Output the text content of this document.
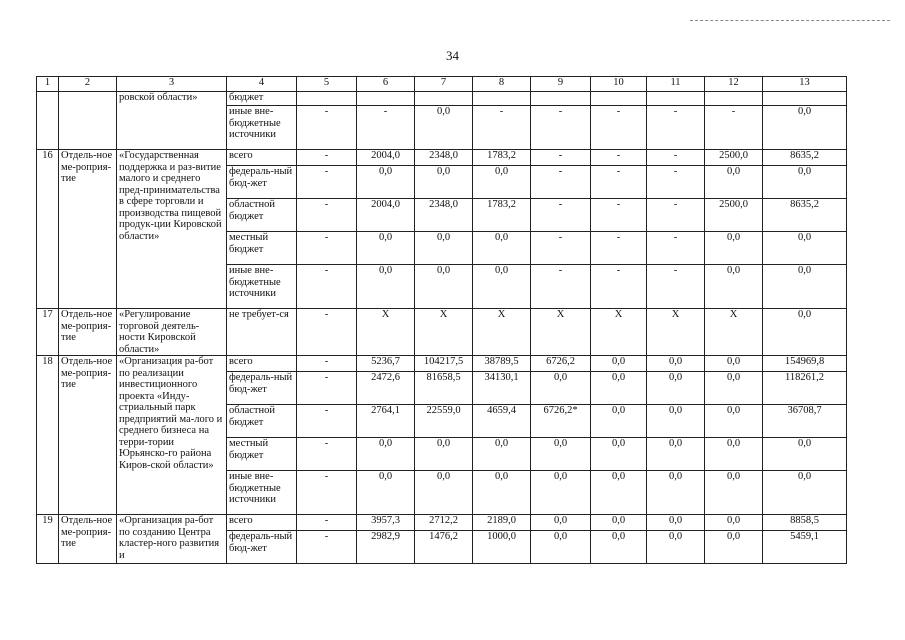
34
1	2	3	4	5	6	7	8	9	10	11	12	13
		ровской области»	бюджет									
			иные вне-бюджетные источники	-	-	0,0	-	-	-	-	-	0,0
16	Отдель-ное ме-роприя-тие	«Государственная поддержка и раз-витие малого и среднего пред-принимательства в сфере торговли и производства пищевой продук-ции Кировской области»	всего	-	2004,0	2348,0	1783,2	-	-	-	2500,0	8635,2
			федераль-ный бюд-жет	-	0,0	0,0	0,0	-	-	-	0,0	0,0
			областной бюджет	-	2004,0	2348,0	1783,2	-	-	-	2500,0	8635,2
			местный бюджет	-	0,0	0,0	0,0	-	-	-	0,0	0,0
			иные вне-бюджетные источники	-	0,0	0,0	0,0	-	-	-	0,0	0,0
17	Отдель-ное ме-роприя-тие	«Регулирование торговой деятель-ности Кировской области»	не требует-ся	-	X	X	X	X	X	X	X	0,0
18	Отдель-ное ме-роприя-тие	«Организация ра-бот по реализации инвестиционного проекта «Инду-стриальный парк предприятий ма-лого и среднего бизнеса на терри-тории Юрьянско-го района Киров-ской области»	всего	-	5236,7	104217,5	38789,5	6726,2	0,0	0,0	0,0	154969,8
			федераль-ный бюд-жет	-	2472,6	81658,5	34130,1	0,0	0,0	0,0	0,0	118261,2
			областной бюджет	-	2764,1	22559,0	4659,4	6726,2*	0,0	0,0	0,0	36708,7
			местный бюджет	-	0,0	0,0	0,0	0,0	0,0	0,0	0,0	0,0
			иные вне-бюджетные источники	-	0,0	0,0	0,0	0,0	0,0	0,0	0,0	0,0
19	Отдель-ное ме-роприя-тие	«Организация ра-бот по созданию Центра кластер-ного развития и	всего	-	3957,3	2712,2	2189,0	0,0	0,0	0,0	0,0	8858,5
			федераль-ный бюд-жет	-	2982,9	1476,2	1000,0	0,0	0,0	0,0	0,0	5459,1
